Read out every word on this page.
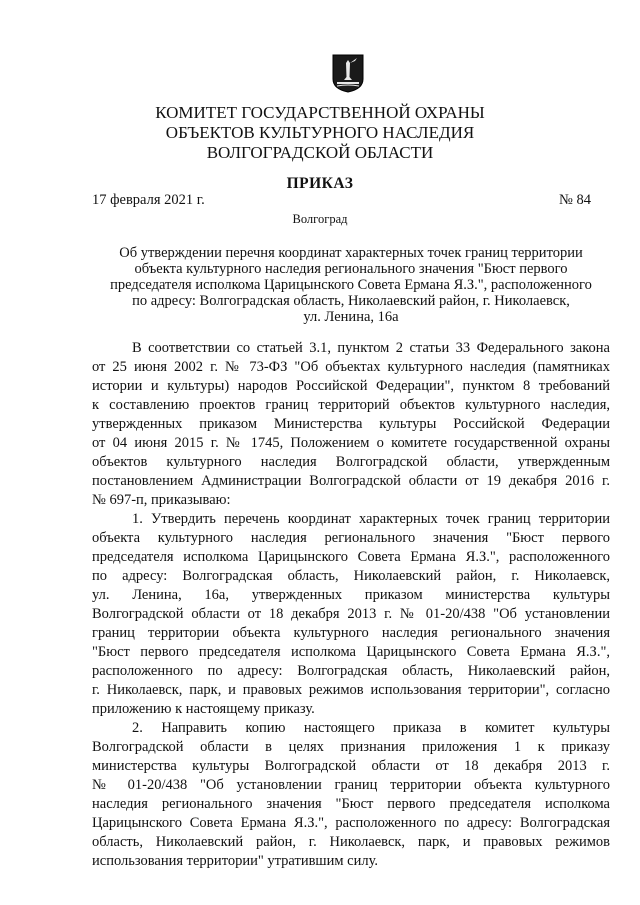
КОМИТЕТ ГОСУДАРСТВЕННОЙ ОХРАНЫ
ОБЪЕКТОВ КУЛЬТУРНОГО НАСЛЕДИЯ
ВОЛГОГРАДСКОЙ ОБЛАСТИ
ПРИКАЗ
17 февраля 2021 г.	№ 84
Волгоград
Об утверждении перечня координат характерных точек границ территории
объекта культурного наследия регионального значения "Бюст первого
председателя исполкома Царицынского Совета Ермана Я.З.", расположенного
по адресу: Волгоградская область, Николаевский район, г. Николаевск,
ул. Ленина, 16а
В соответствии со статьей 3.1, пунктом 2 статьи 33 Федерального закона
от 25 июня 2002 г. № 73-ФЗ "Об объектах культурного наследия (памятниках
истории и культуры) народов Российской Федерации", пунктом 8 требований
к составлению проектов границ территорий объектов культурного наследия,
утвержденных приказом Министерства культуры Российской Федерации
от 04 июня 2015 г. № 1745, Положением о комитете государственной охраны
объектов культурного наследия Волгоградской области, утвержденным
постановлением Администрации Волгоградской области от 19 декабря 2016 г.
№ 697-п, приказываю:
1. Утвердить перечень координат характерных точек границ территории
объекта культурного наследия регионального значения "Бюст первого
председателя исполкома Царицынского Совета Ермана Я.З.", расположенного
по адресу: Волгоградская область, Николаевский район, г. Николаевск,
ул. Ленина, 16а, утвержденных приказом министерства культуры
Волгоградской области от 18 декабря 2013 г. № 01-20/438 "Об установлении
границ территории объекта культурного наследия регионального значения
"Бюст первого председателя исполкома Царицынского Совета Ермана Я.З.",
расположенного по адресу: Волгоградская область, Николаевский район,
г. Николаевск, парк, и правовых режимов использования территории", согласно
приложению к настоящему приказу.
2. Направить копию настоящего приказа в комитет культуры
Волгоградской области в целях признания приложения 1 к приказу
министерства культуры Волгоградской области от 18 декабря 2013 г.
№ 01-20/438 "Об установлении границ территории объекта культурного
наследия регионального значения "Бюст первого председателя исполкома
Царицынского Совета Ермана Я.З.", расположенного по адресу: Волгоградская
область, Николаевский район, г. Николаевск, парк, и правовых режимов
использования территории" утратившим силу.
